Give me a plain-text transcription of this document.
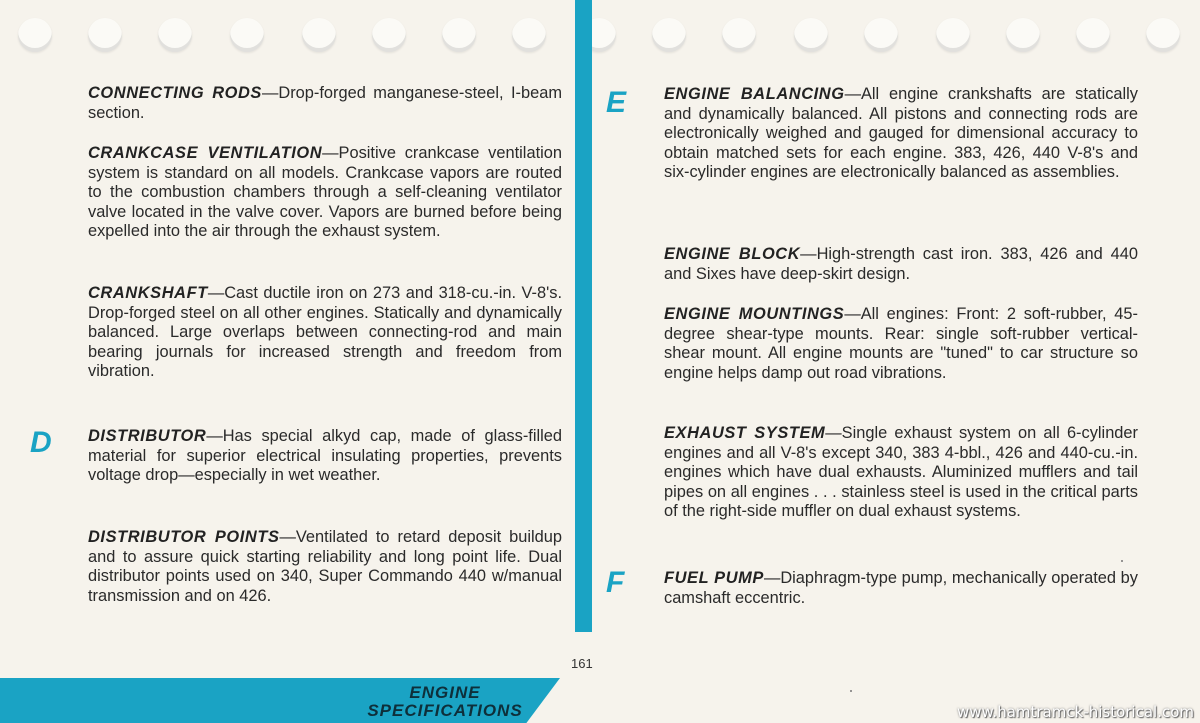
D
E
F

CONNECTING RODS—Drop-forged manganese-steel, I-beam section.

CRANKCASE VENTILATION—Positive crankcase ventilation system is standard on all models. Crankcase vapors are routed to the combustion chambers through a self-cleaning ventilator valve located in the valve cover. Vapors are burned before being expelled into the air through the exhaust system.

CRANKSHAFT—Cast ductile iron on 273 and 318-cu.-in. V-8's. Drop-forged steel on all other engines. Statically and dynamically balanced. Large overlaps between connecting-rod and main bearing journals for increased strength and freedom from vibration.

DISTRIBUTOR—Has special alkyd cap, made of glass-filled material for superior electrical insulating properties, prevents voltage drop—especially in wet weather.

DISTRIBUTOR POINTS—Ventilated to retard deposit buildup and to assure quick starting reliability and long point life. Dual distributor points used on 340, Super Commando 440 w/manual transmission and on 426.

ENGINE BALANCING—All engine crankshafts are statically and dynamically balanced. All pistons and connecting rods are electronically weighed and gauged for dimensional accuracy to obtain matched sets for each engine. 383, 426, 440 V-8's and six-cylinder engines are electronically balanced as assemblies.

ENGINE BLOCK—High-strength cast iron. 383, 426 and 440 and Sixes have deep-skirt design.

ENGINE MOUNTINGS—All engines: Front: 2 soft-rubber, 45-degree shear-type mounts. Rear: single soft-rubber vertical-shear mount. All engine mounts are "tuned" to car structure so engine helps damp out road vibrations.

EXHAUST SYSTEM—Single exhaust system on all 6-cylinder engines and all V-8's except 340, 383 4-bbl., 426 and 440-cu.-in. engines which have dual exhausts. Aluminized mufflers and tail pipes on all engines . . . stainless steel is used in the critical parts of the right-side muffler on dual exhaust systems.

FUEL PUMP—Diaphragm-type pump, mechanically operated by camshaft eccentric.

161
ENGINE
SPECIFICATIONS	www.hamtramck-historical.com
